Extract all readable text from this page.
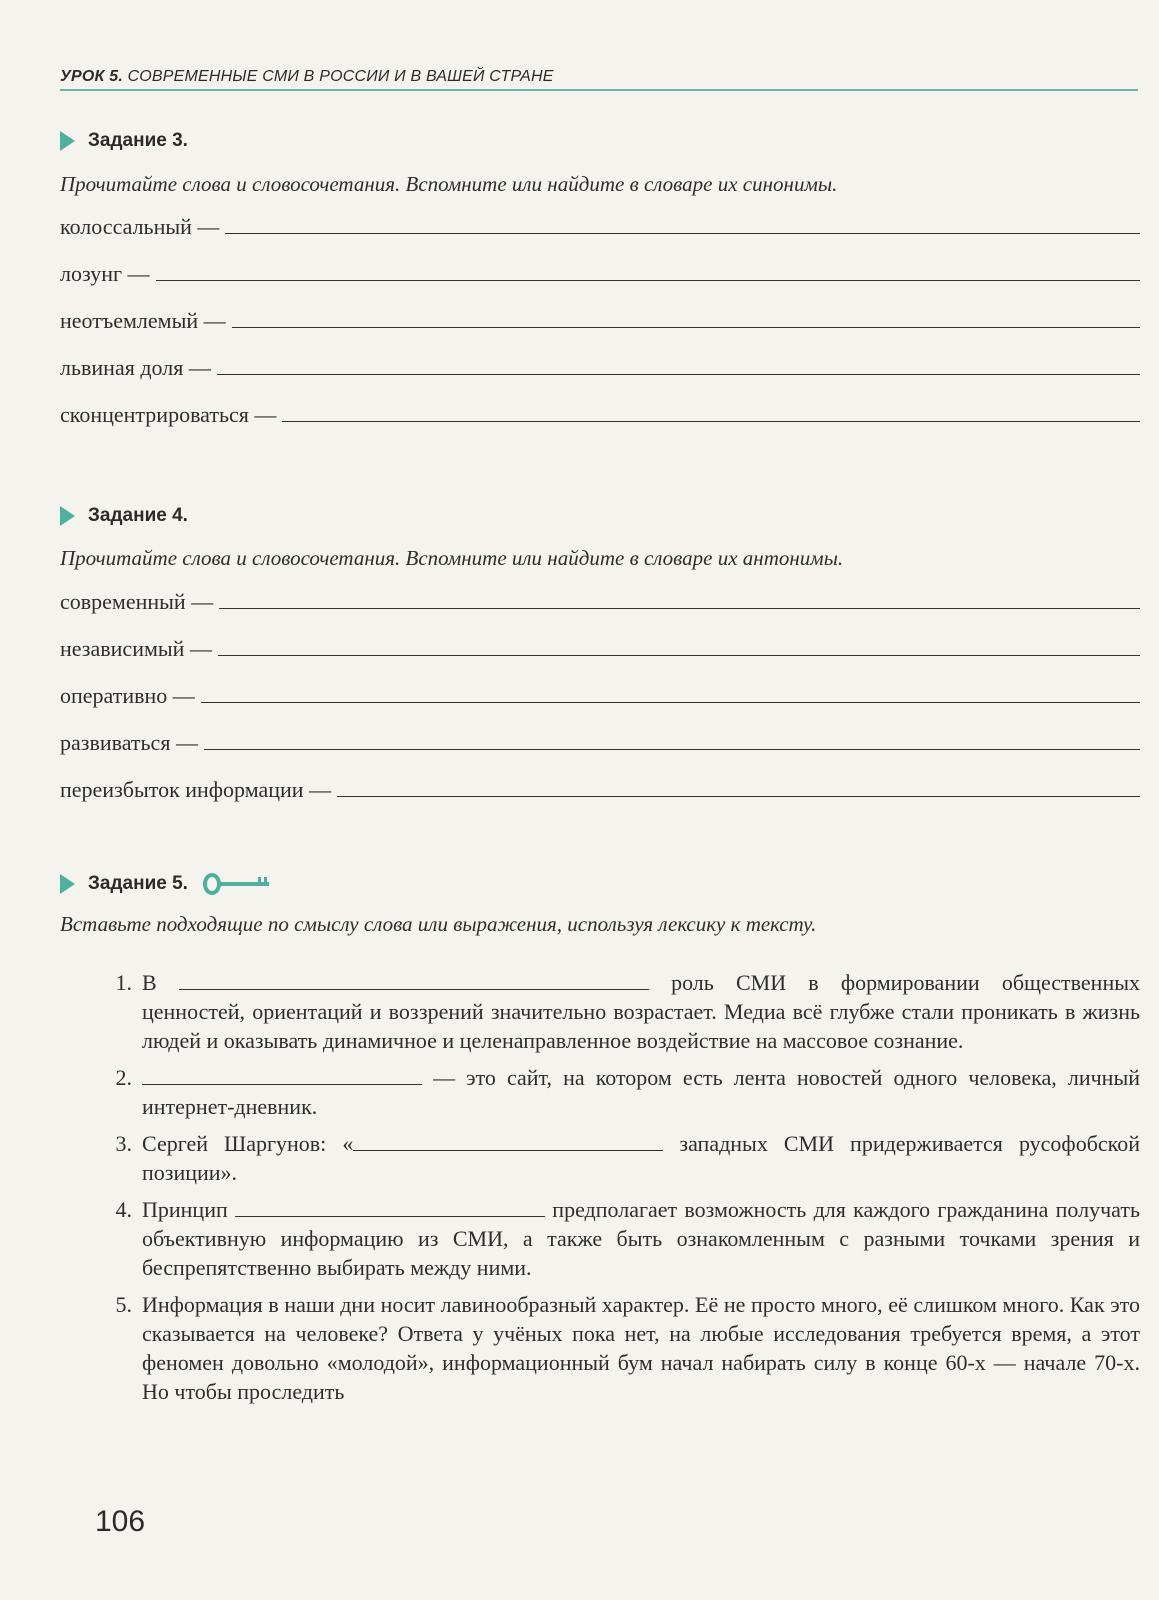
УРОК 5. СОВРЕМЕННЫЕ СМИ В РОССИИ И В ВАШЕЙ СТРАНЕ
Задание 3.
Прочитайте слова и словосочетания. Вспомните или найдите в словаре их синонимы.
колоссальный —
лозунг —
неотъемлемый —
львиная доля —
сконцентрироваться —
Задание 4.
Прочитайте слова и словосочетания. Вспомните или найдите в словаре их антонимы.
современный —
независимый —
оперативно —
развиваться —
переизбыток информации —
Задание 5.
Вставьте подходящие по смыслу слова или выражения, используя лексику к тексту.
1. В	роль СМИ в формировании общественных ценностей, ориентаций и воззрений значительно возрастает. Медиа всё глубже стали проникать в жизнь людей и оказывать динамичное и целенаправленное воздействие на массовое сознание.
2.	— это сайт, на котором есть лента новостей одного человека, личный интернет-дневник.
3. Сергей Шаргунов: «	западных СМИ придерживается русофобской позиции».
4. Принцип	предполагает возможность для каждого гражданина получать объективную информацию из СМИ, а также быть ознакомленным с разными точками зрения и беспрепятственно выбирать между ними.
5. Информация в наши дни носит лавинообразный характер. Её не просто много, её слишком много. Как это сказывается на человеке? Ответа у учёных пока нет, на любые исследования требуется время, а этот феномен довольно «молодой», информационный бум начал набирать силу в конце 60-х — начале 70-х. Но чтобы проследить
106
